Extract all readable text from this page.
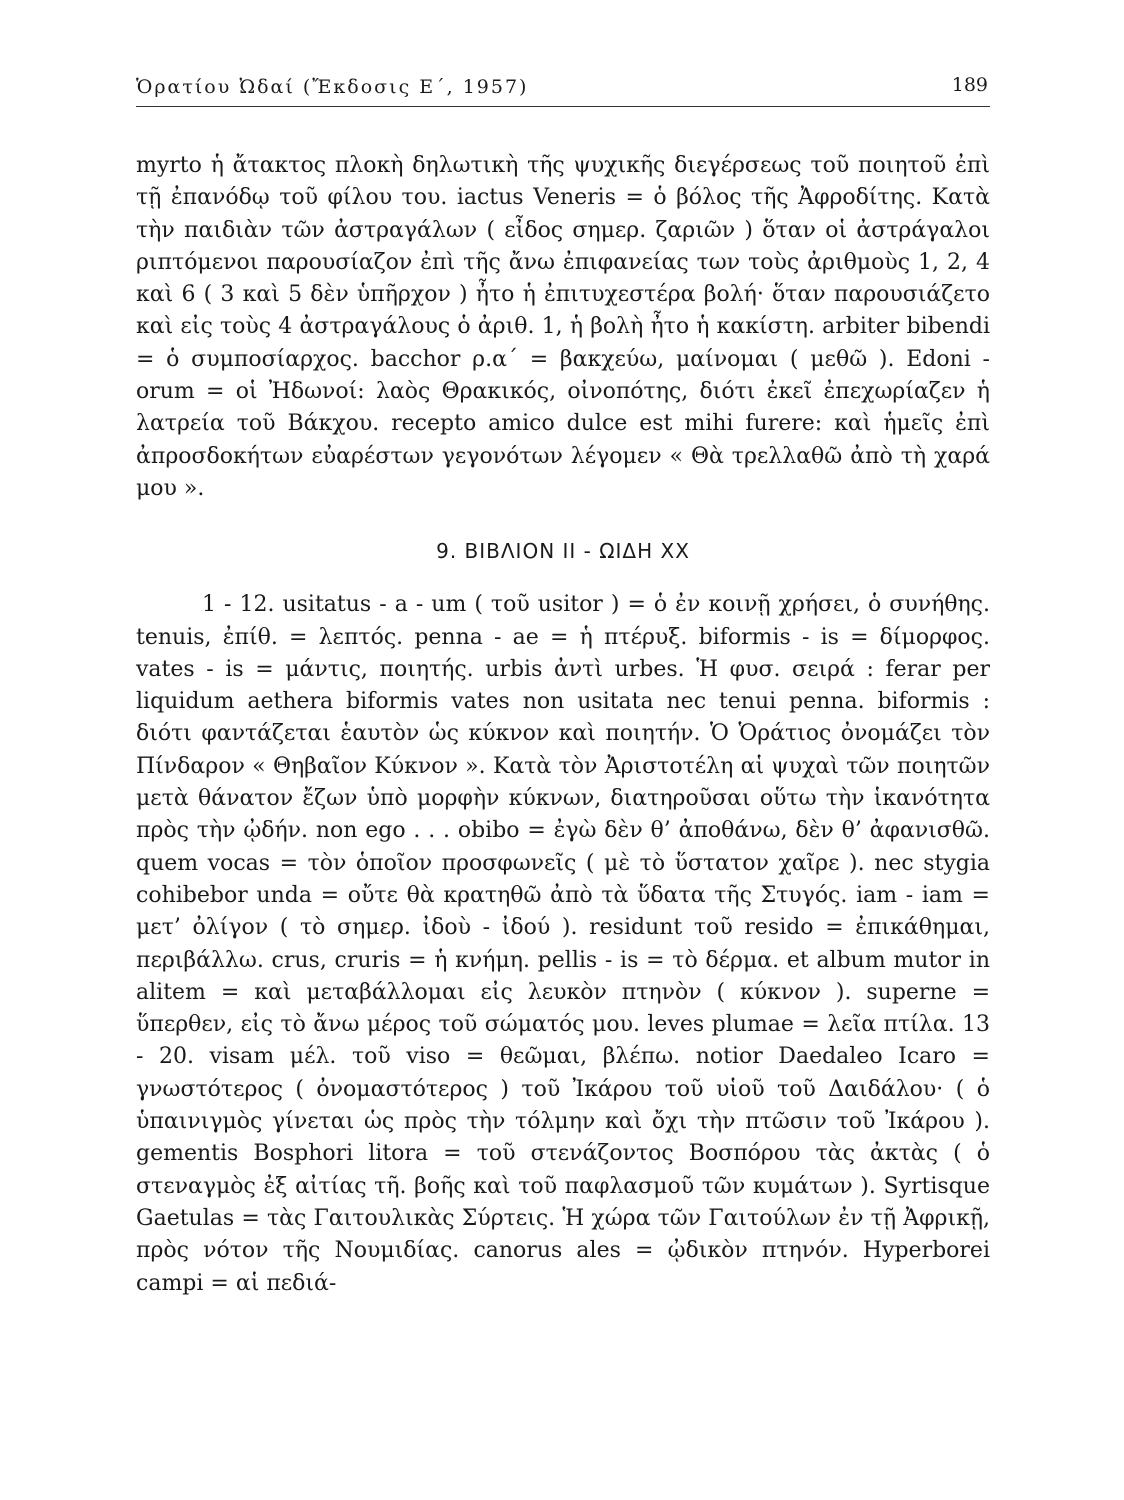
Ὁρατίου Ὠδαί (Ἔκδοσις Ε΄, 1957)	189

myrto ἡ ἄτακτος πλοκὴ δηλωτικὴ τῆς ψυχικῆς διεγέρσεως τοῦ ποιητοῦ ἐπὶ τῇ ἐπανόδῳ τοῦ φίλου του. iactus Veneris = ὁ βόλος τῆς Ἀφροδίτης. Κατὰ τὴν παιδιὰν τῶν ἀστραγάλων ( εἶδος σημερ. ζαριῶν ) ὅταν οἱ ἀστράγαλοι ριπτόμενοι παρουσίαζον ἐπὶ τῆς ἄνω ἐπιφανείας των τοὺς ἀριθμοὺς 1, 2, 4 καὶ 6 ( 3 καὶ 5 δὲν ὑπῆρχον ) ἦτο ἡ ἐπιτυχεστέρα βολή· ὅταν παρουσιάζετο καὶ εἰς τοὺς 4 ἀστραγάλους ὁ ἀριθ. 1, ἡ βολὴ ἦτο ἡ κακίστη. arbiter bibendi = ὁ συμποσίαρχος. bacchor ρ.α΄ = βακχεύω, μαίνομαι ( μεθῶ ). Edoni - orum = οἱ Ἠδωνοί: λαὸς Θρακικός, οἰνοπότης, διότι ἐκεῖ ἐπεχωρίαζεν ἡ λατρεία τοῦ Βάκχου. recepto amico dulce est mihi furere: καὶ ἡμεῖς ἐπὶ ἀπροσδοκήτων εὐαρέστων γεγονότων λέγομεν « Θὰ τρελλαθῶ ἀπὸ τὴ χαρά μου ».

9. ΒΙΒΛΙΟΝ ΙΙ - ΩΙΔΗ ΧΧ

1 - 12. usitatus - a - um ( τοῦ usitor ) = ὁ ἐν κοινῇ χρήσει, ὁ συνήθης. tenuis, ἐπίθ. = λεπτός. penna - ae = ἡ πτέρυξ. biformis - is = δίμορφος. vates - is = μάντις, ποιητής. urbis ἀντὶ urbes. Ἡ φυσ. σειρά : ferar per liquidum aethera biformis vates non usitata nec tenui penna. biformis : διότι φαντάζεται ἑαυτὸν ὡς κύκνον καὶ ποιητήν. Ὁ Ὁράτιος ὀνομάζει τὸν Πίνδαρον « Θηβαῖον Κύκνον ». Κατὰ τὸν Ἀριστοτέλη αἱ ψυχαὶ τῶν ποιητῶν μετὰ θάνατον ἔζων ὑπὸ μορφὴν κύκνων, διατηροῦσαι οὕτω τὴν ἱκανότητα πρὸς τὴν ᾠδήν. non ego . . . obibo = ἐγὼ δὲν θ’ ἀποθάνω, δὲν θ’ ἀφανισθῶ. quem vocas = τὸν ὁποῖον προσφωνεῖς ( μὲ τὸ ὕστατον χαῖρε ). nec stygia cohibebor unda = οὔτε θὰ κρατηθῶ ἀπὸ τὰ ὕδατα τῆς Στυγός. iam - iam = μετ’ ὀλίγον ( τὸ σημερ. ἰδοὺ - ἰδού ). residunt τοῦ resido = ἐπικάθημαι, περιβάλλω. crus, cruris = ἡ κνήμη. pellis - is = τὸ δέρμα. et album mutor in alitem = καὶ μεταβάλλομαι εἰς λευκὸν πτηνὸν ( κύκνον ). superne = ὕπερθεν, εἰς τὸ ἄνω μέρος τοῦ σώματός μου. leves plumae = λεῖα πτίλα. 13 - 20. visam μέλ. τοῦ viso = θεῶμαι, βλέπω. notior Daedaleo Icaro = γνωστότερος ( ὀνομαστότερος ) τοῦ Ἰκάρου τοῦ υἱοῦ τοῦ Δαιδάλου· ( ὁ ὑπαινιγμὸς γίνεται ὡς πρὸς τὴν τόλμην καὶ ὄχι τὴν πτῶσιν τοῦ Ἰκάρου ). gementis Bosphori litora = τοῦ στενάζοντος Βοσπόρου τὰς ἀκτὰς ( ὁ στεναγμὸς ἐξ αἰτίας τῆ. βοῆς καὶ τοῦ παφλασμοῦ τῶν κυμάτων ). Syrtisque Gaetulas = τὰς Γαιτουλικὰς Σύρτεις. Ἡ χώρα τῶν Γαιτούλων ἐν τῇ Ἀφρικῇ, πρὸς νότον τῆς Νουμιδίας. canorus ales = ᾠδικὸν πτηνόν. Hyperborei campi = αἱ πεδιά-
